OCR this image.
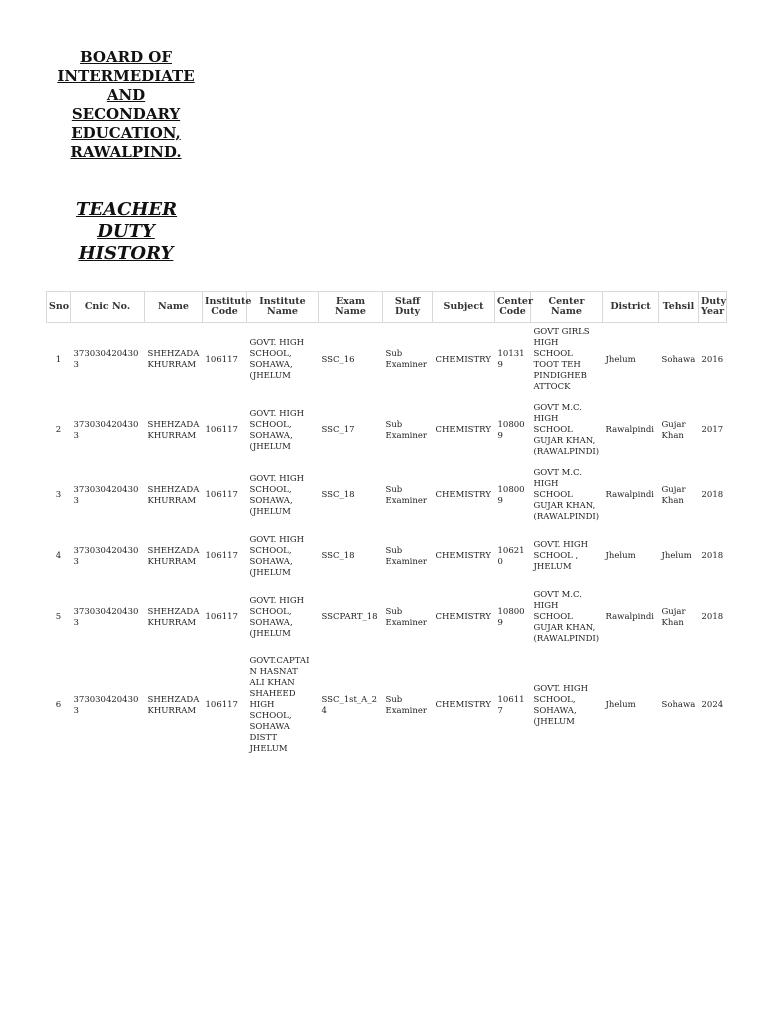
BOARD OF INTERMEDIATE AND SECONDARY EDUCATION, RAWALPIND.
TEACHER DUTY HISTORY
Sno	Cnic No.	Name	Institute Code	Institute Name	Exam Name	Staff Duty	Subject	Center Code	Center Name	District	Tehsil	Duty Year
1	3730304204303	SHEHZADA KHURRAM	106117	GOVT. HIGH SCHOOL, SOHAWA, (JHELUM	SSC_16	Sub Examiner	CHEMISTRY	101319	GOVT GIRLS HIGH SCHOOL TOOT TEH PINDIGHEB ATTOCK	Jhelum	Sohawa	2016
2	3730304204303	SHEHZADA KHURRAM	106117	GOVT. HIGH SCHOOL, SOHAWA, (JHELUM	SSC_17	Sub Examiner	CHEMISTRY	108009	GOVT M.C. HIGH SCHOOL GUJAR KHAN, (RAWALPINDI)	Rawalpindi	Gujar Khan	2017
3	3730304204303	SHEHZADA KHURRAM	106117	GOVT. HIGH SCHOOL, SOHAWA, (JHELUM	SSC_18	Sub Examiner	CHEMISTRY	108009	GOVT M.C. HIGH SCHOOL GUJAR KHAN, (RAWALPINDI)	Rawalpindi	Gujar Khan	2018
4	3730304204303	SHEHZADA KHURRAM	106117	GOVT. HIGH SCHOOL, SOHAWA, (JHELUM	SSC_18	Sub Examiner	CHEMISTRY	106210	GOVT. HIGH SCHOOL , JHELUM	Jhelum	Jhelum	2018
5	3730304204303	SHEHZADA KHURRAM	106117	GOVT. HIGH SCHOOL, SOHAWA, (JHELUM	SSCPART_18	Sub Examiner	CHEMISTRY	108009	GOVT M.C. HIGH SCHOOL GUJAR KHAN, (RAWALPINDI)	Rawalpindi	Gujar Khan	2018
6	3730304204303	SHEHZADA KHURRAM	106117	GOVT.CAPTAIN HASNAT ALI KHAN SHAHEED HIGH SCHOOL, SOHAWA DISTT JHELUM	SSC_1st_A_24	Sub Examiner	CHEMISTRY	106117	GOVT. HIGH SCHOOL, SOHAWA, (JHELUM	Jhelum	Sohawa	2024
